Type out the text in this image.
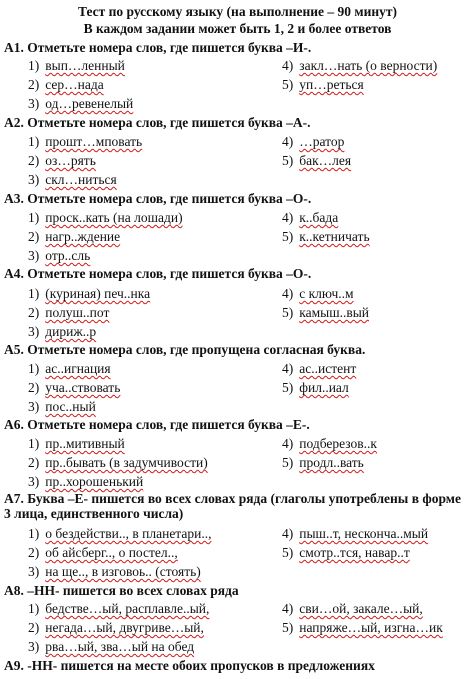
Тест по русскому языку (на выполнение – 90 минут)
В каждом задании может быть 1, 2 и более ответов
А1. Отметьте номера слов, где пишется буква –И-.
1) вып…ленный	4) закл…нать (о верности)
2) сер…нада	5) уп…реться
3) од…ревенелый
А2. Отметьте номера слов, где пишется буква –А-.
1) прошт…мповать	4) …ратор
2) оз…рять	5) бак…лея
3) скл…ниться
А3. Отметьте номера слов, где пишется буква –О-.
1) проск..кать (на лошади)	4) к..бада
2) нагр..ждение	5) к..кетничать
3) отр..сль
А4. Отметьте номера слов, где пишется буква –О-.
1) (куриная) печ..нка	4) с ключ..м
2) полуш..пот	5) камыш..вый
3) дириж..р
А5. Отметьте номера слов, где пропущена согласная буква.
1) ас..игнация	4) ас..истент
2) уча..ствовать	5) фил..иал
3) пос..ный
А6. Отметьте номера слов, где пишется буква –Е-.
1) пр..митивный	4) подберезов..к
2) пр..бывать (в задумчивости)	5) продл..вать
3) пр..хорошенький
А7. Буква –Е- пишется во всех словах ряда (глаголы употреблены в форме 3 лица, единственного числа)
1) о бездействи.., в планетари..,	4) пыш..т, несконча..мый
2) об айсберг.., о постел..,	5) смотр..тся, навар..т
3) на ще.., в изговоь.. (стоять)
А8. –НН- пишется во всех словах ряда
1) бедстве…ый, расплавле..ый,	4) сви…ой, закале…ый,
2) негада…ый, двугриве…ый,	5) напряже…ый, изгна…ик
3) рва…ый, зва…ый на обед
А9. -НН- пишется на месте обоих пропусков в предложениях
